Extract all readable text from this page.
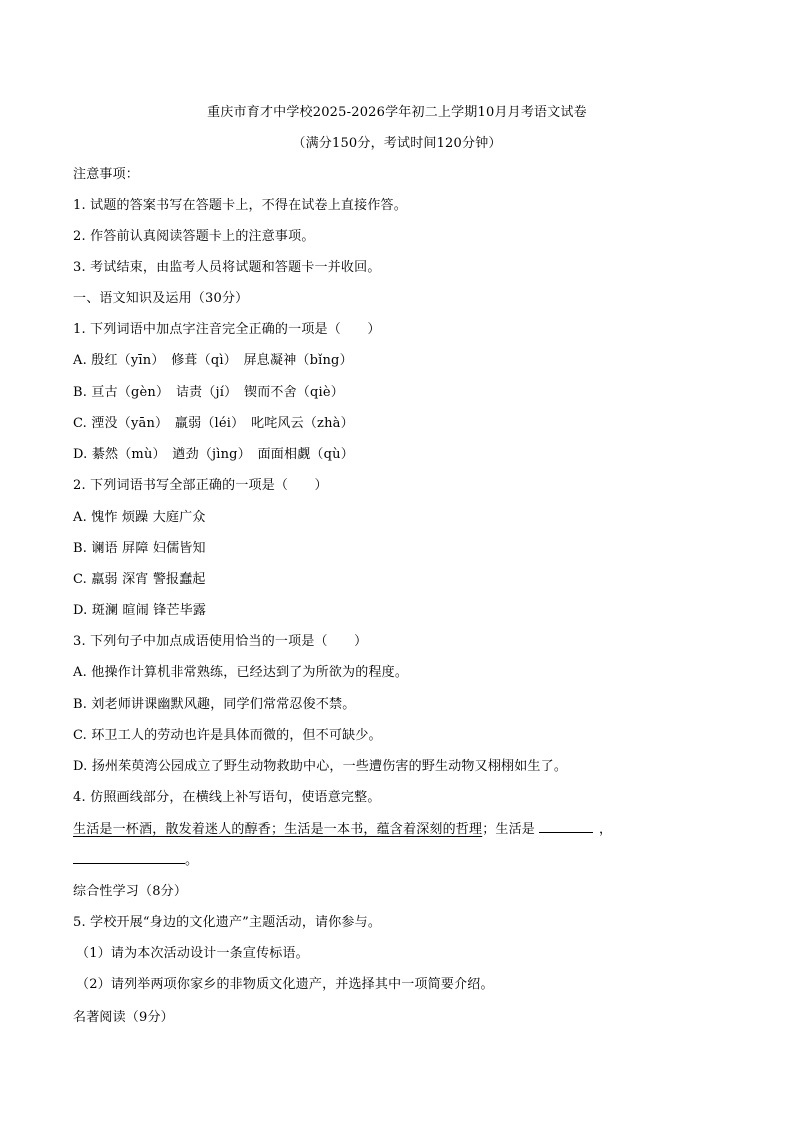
重庆市育才中学校2025-2026学年初二上学期10月月考语文试卷
（满分150分，考试时间120分钟）
注意事项：
1. 试题的答案书写在答题卡上，不得在试卷上直接作答。
2. 作答前认真阅读答题卡上的注意事项。
3. 考试结束，由监考人员将试题和答题卡一并收回。
一、语文知识及运用（30分）
1. 下列词语中加点字注音完全正确的一项是（　　）
A. 殷红（yīn）　修葺（qì）　屏息凝神（bǐng）
B. 亘古（gèn）　诘责（jí）　锲而不舍（qiè）
C. 湮没（yān）　羸弱（léi）　叱咤风云（zhà）
D. 綦然（mù）　遒劲（jìng）　面面相觑（qù）
2. 下列词语书写全部正确的一项是（　　）
A. 愧怍 烦躁 大庭广众
B. 谰语 屏障 妇儒皆知
C. 羸弱 深宵 警报蠢起
D. 斑澜 暄闹 锋芒毕露
3. 下列句子中加点成语使用恰当的一项是（　　）
A. 他操作计算机非常熟练，已经达到了为所欲为的程度。
B. 刘老师讲课幽默风趣，同学们常常忍俊不禁。
C. 环卫工人的劳动也许是具体而微的，但不可缺少。
D. 扬州茱萸湾公园成立了野生动物救助中心，一些遭伤害的野生动物又栩栩如生了。
4. 仿照画线部分，在横线上补写语句，使语意完整。
生活是一杯酒，散发着迷人的醇香；生活是一本书，蕴含着深刻的哲理；生活是	，
。
综合性学习（8分）
5. 学校开展“身边的文化遗产”主题活动，请你参与。
（1）请为本次活动设计一条宣传标语。
（2）请列举两项你家乡的非物质文化遗产，并选择其中一项简要介绍。
名著阅读（9分）
